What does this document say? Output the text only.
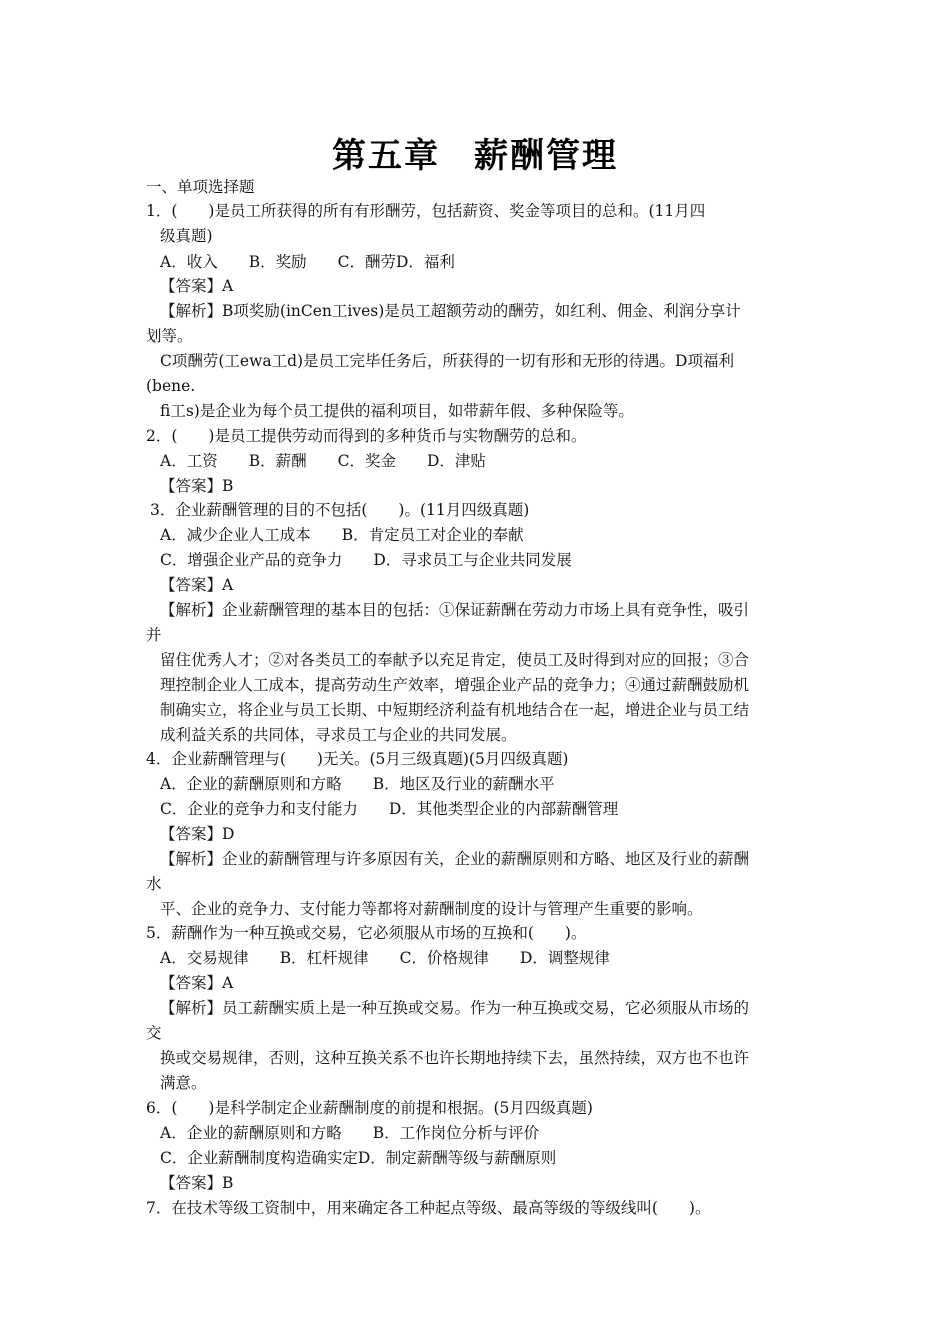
第五章 薪酬管理
一、单项选择题
1．(　　)是员工所获得的所有有形酬劳，包括薪资、奖金等项目的总和。(11月四
级真题)
A．收入　　B．奖励　　C．酬劳D．福利
【答案】A
【解析】B项奖励(inCen工ives)是员工超额劳动的酬劳，如红利、佣金、利润分享计
划等。
C项酬劳(工ewa工d)是员工完毕任务后，所获得的一切有形和无形的待遇。D项福利
(bene.
fi工s)是企业为每个员工提供的福利项目，如带薪年假、多种保险等。
2．(　　)是员工提供劳动而得到的多种货币与实物酬劳的总和。
A．工资　　B．薪酬　　C．奖金　　D．津贴
【答案】B
3．企业薪酬管理的目的不包括(　　)。(11月四级真题)
A．减少企业人工成本　　B．肯定员工对企业的奉献
C．增强企业产品的竞争力　　D．寻求员工与企业共同发展
【答案】A
【解析】企业薪酬管理的基本目的包括：①保证薪酬在劳动力市场上具有竞争性，吸引
并
留住优秀人才；②对各类员工的奉献予以充足肯定，使员工及时得到对应的回报；③合
理控制企业人工成本，提高劳动生产效率，增强企业产品的竞争力；④通过薪酬鼓励机
制确实立，将企业与员工长期、中短期经济利益有机地结合在一起，增进企业与员工结
成利益关系的共同体，寻求员工与企业的共同发展。
4．企业薪酬管理与(　　)无关。(5月三级真题)(5月四级真题)
A．企业的薪酬原则和方略　　B．地区及行业的薪酬水平
C．企业的竞争力和支付能力　　D．其他类型企业的内部薪酬管理
【答案】D
【解析】企业的薪酬管理与许多原因有关，企业的薪酬原则和方略、地区及行业的薪酬
水
平、企业的竞争力、支付能力等都将对薪酬制度的设计与管理产生重要的影响。
5．薪酬作为一种互换或交易，它必须服从市场的互换和(　　)。
A．交易规律　　B．杠杆规律　　C．价格规律　　D．调整规律
【答案】A
【解析】员工薪酬实质上是一种互换或交易。作为一种互换或交易，它必须服从市场的
交
换或交易规律，否则，这种互换关系不也许长期地持续下去，虽然持续，双方也不也许
满意。
6．(　　)是科学制定企业薪酬制度的前提和根据。(5月四级真题)
A．企业的薪酬原则和方略　　B．工作岗位分析与评价
C．企业薪酬制度构造确实定D．制定薪酬等级与薪酬原则
【答案】B
7．在技术等级工资制中，用来确定各工种起点等级、最高等级的等级线叫(　　)。
